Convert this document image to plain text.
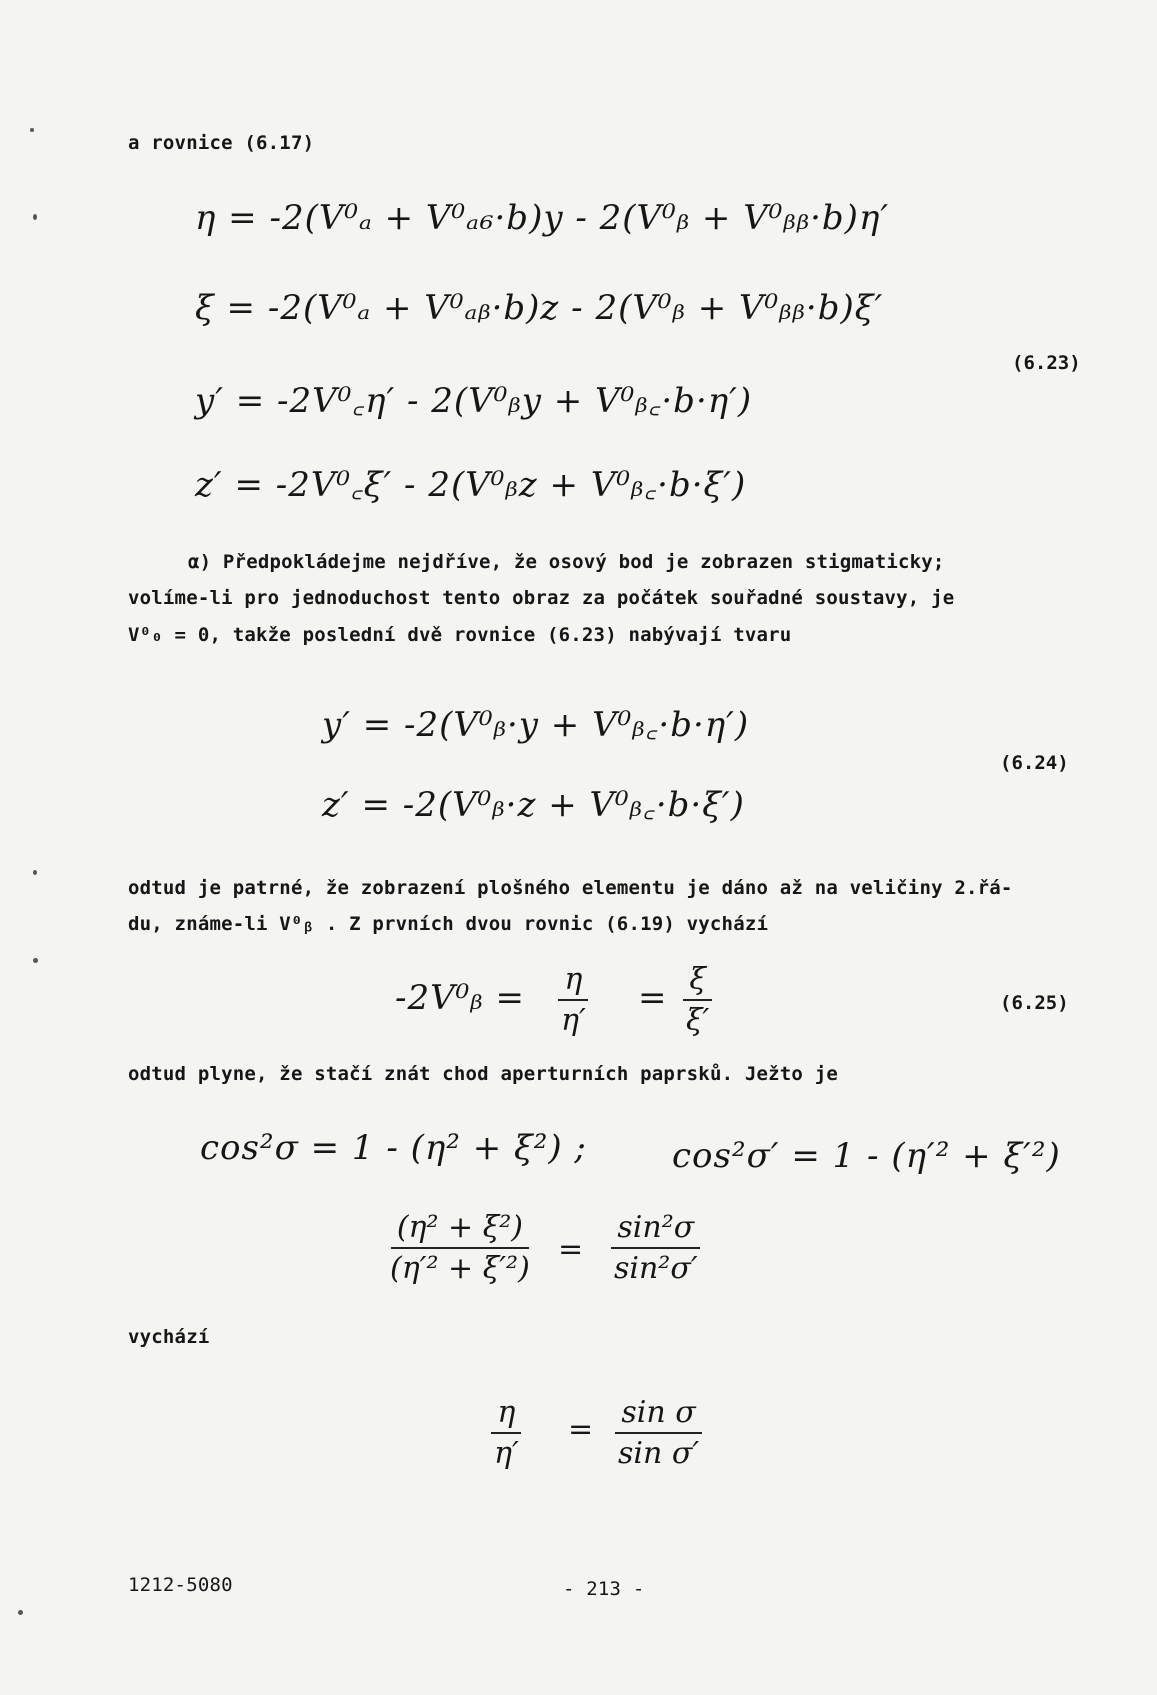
a rovnice (6.17)
η = -2(V⁰ₐ + V⁰ₐ₆·b)y - 2(V⁰ᵦ + V⁰ᵦᵦ·b)η′
ξ = -2(V⁰ₐ + V⁰ₐᵦ·b)z - 2(V⁰ᵦ + V⁰ᵦᵦ·b)ξ′
y′ = -2V⁰꜀η′ - 2(V⁰ᵦy + V⁰ᵦ꜀·b·η′)
z′ = -2V⁰꜀ξ′ - 2(V⁰ᵦz + V⁰ᵦ꜀·b·ξ′)
(6.23)
α) Předpokládejme nejdříve, že osový bod je zobrazen stigmaticky;
volíme-li pro jednoduchost tento obraz za počátek souřadné soustavy, je
V⁰₀ = 0, takže poslední dvě rovnice (6.23) nabývají tvaru
y′ = -2(V⁰ᵦ·y + V⁰ᵦ꜀·b·η′)
z′ = -2(V⁰ᵦ·z + V⁰ᵦ꜀·b·ξ′)
(6.24)
odtud je patrné, že zobrazení plošného elementu je dáno až na veličiny 2.řá-
du, známe-li V⁰ᵦ . Z prvních dvou rovnic (6.19) vychází
-2V⁰ᵦ = $\frac{\eta}{\eta'} = \frac{\xi}{\xi'}$	(6.25)
odtud plyne, že stačí znát chod aperturních paprsků. Ježto je
cos²σ = 1 - (η² + ξ²) ;	cos²σ′ = 1 - (η′² + ξ′²)
$\frac{\text{(η² + ξ²)}}{\text{(η′² + ξ′²)}} = \frac{\text{sin²σ}}{\text{sin²σ′}}$
vychází
$\frac{\eta}{\eta'} = \frac{\text{sin σ}}{\text{sin σ′}}$
1212-5080	- 213 -
